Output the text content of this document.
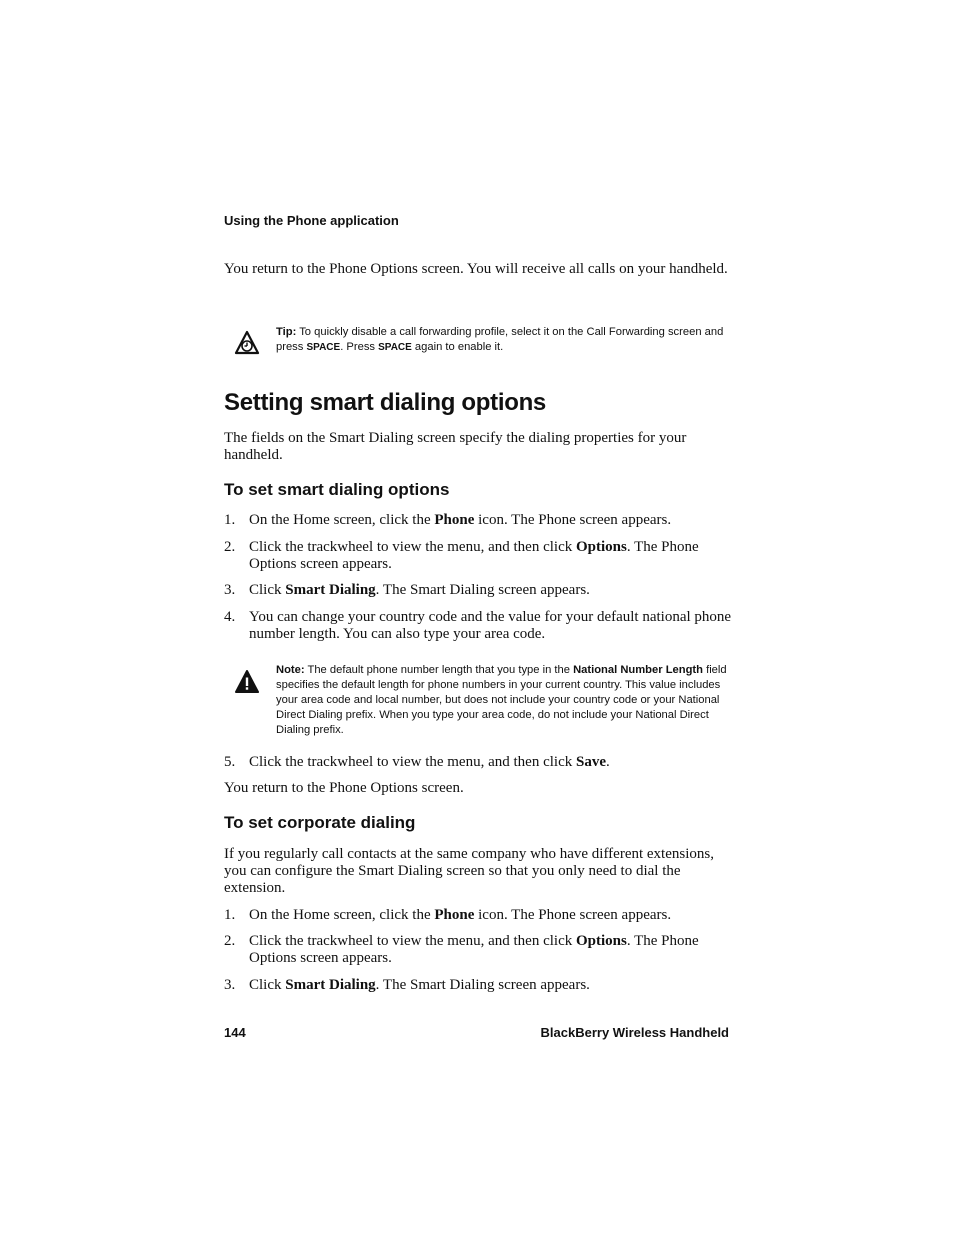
Using the Phone application
You return to the Phone Options screen. You will receive all calls on your handheld.
Tip: To quickly disable a call forwarding profile, select it on the Call Forwarding screen and press SPACE. Press SPACE again to enable it.
Setting smart dialing options
The fields on the Smart Dialing screen specify the dialing properties for your handheld.
To set smart dialing options
1. On the Home screen, click the Phone icon. The Phone screen appears.
2. Click the trackwheel to view the menu, and then click Options. The Phone Options screen appears.
3. Click Smart Dialing. The Smart Dialing screen appears.
4. You can change your country code and the value for your default national phone number length. You can also type your area code.
Note: The default phone number length that you type in the National Number Length field specifies the default length for phone numbers in your current country. This value includes your area code and local number, but does not include your country code or your National Direct Dialing prefix. When you type your area code, do not include your National Direct Dialing prefix.
5. Click the trackwheel to view the menu, and then click Save.
You return to the Phone Options screen.
To set corporate dialing
If you regularly call contacts at the same company who have different extensions, you can configure the Smart Dialing screen so that you only need to dial the extension.
1. On the Home screen, click the Phone icon. The Phone screen appears.
2. Click the trackwheel to view the menu, and then click Options. The Phone Options screen appears.
3. Click Smart Dialing. The Smart Dialing screen appears.
144	BlackBerry Wireless Handheld
